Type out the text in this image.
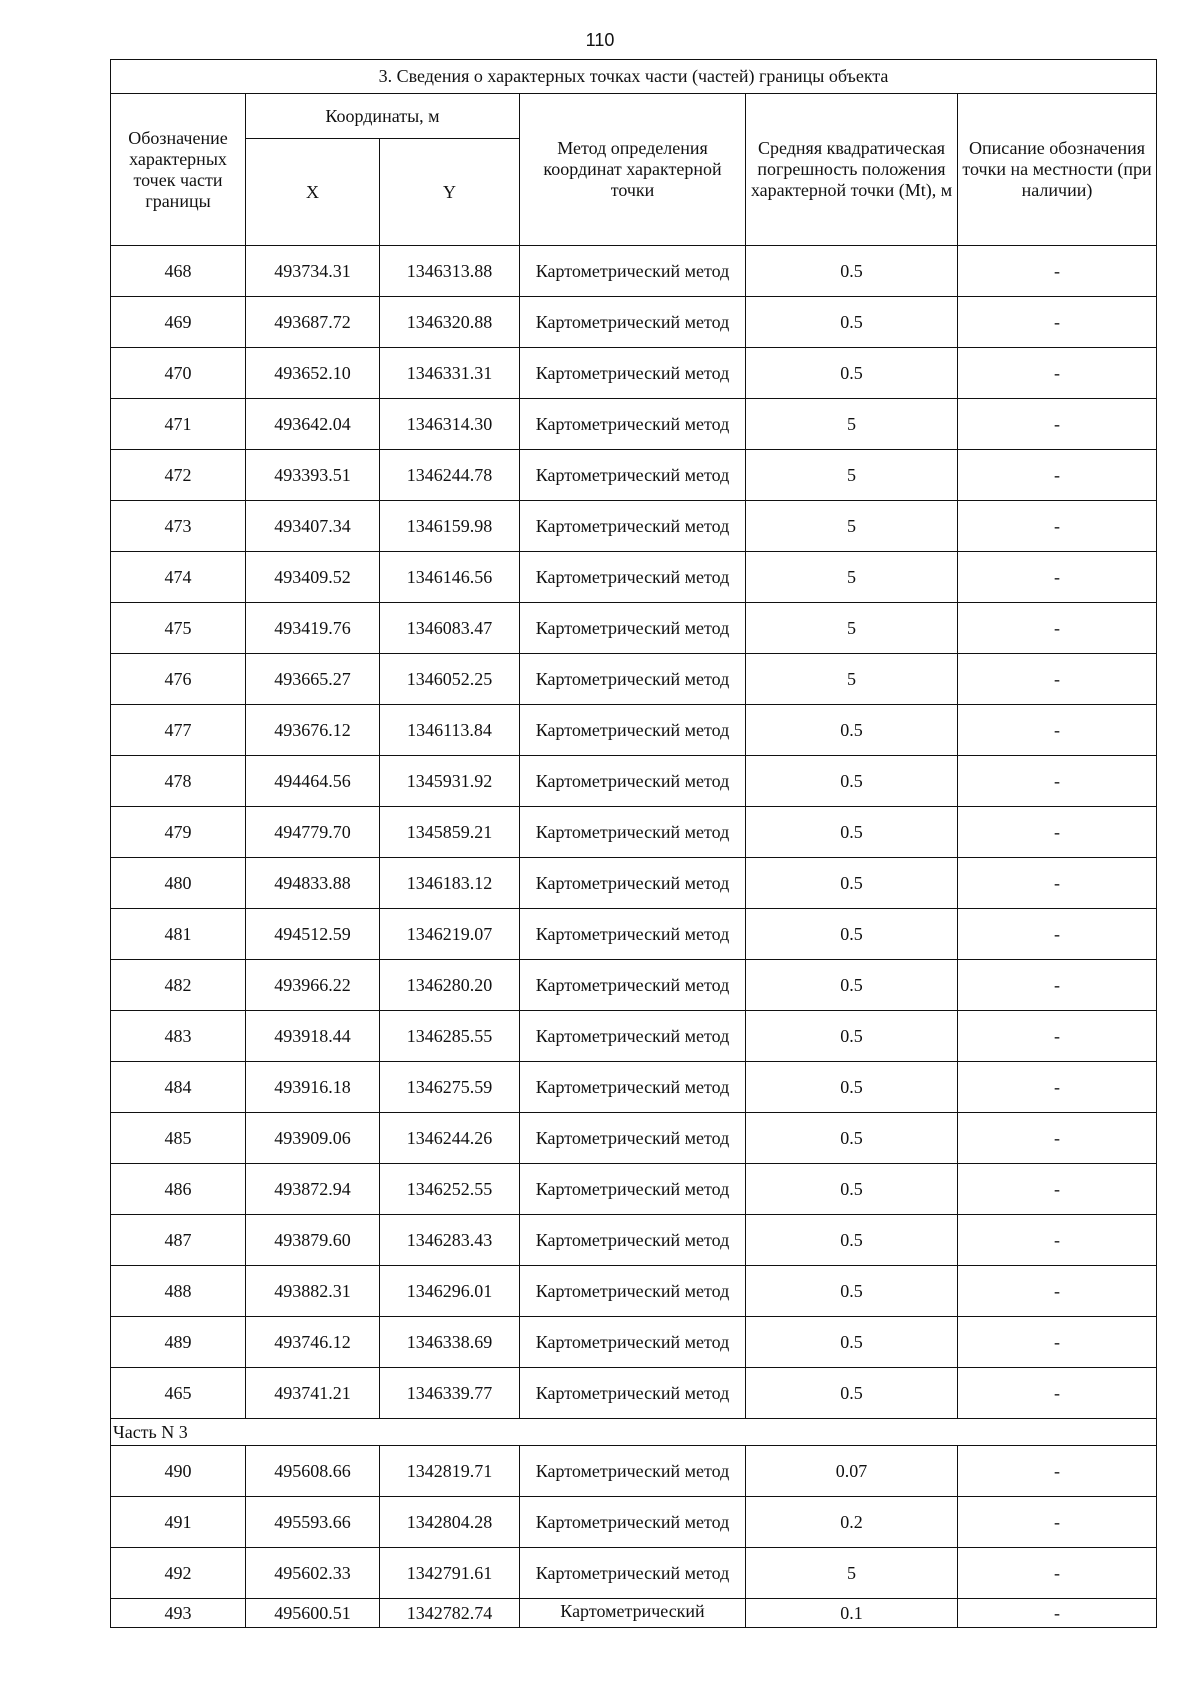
110
3. Сведения о характерных точках части (частей) границы объекта					
Обозначение характерных точек части границы	Координаты, м		Метод определения координат характерной точки	Средняя квадратическая погрешность положения характерной точки (Mt), м	Описание обозначения точки на местности (при наличии)
	X	Y			
468	493734.31	1346313.88	Картометрический метод	0.5	-
469	493687.72	1346320.88	Картометрический метод	0.5	-
470	493652.10	1346331.31	Картометрический метод	0.5	-
471	493642.04	1346314.30	Картометрический метод	5	-
472	493393.51	1346244.78	Картометрический метод	5	-
473	493407.34	1346159.98	Картометрический метод	5	-
474	493409.52	1346146.56	Картометрический метод	5	-
475	493419.76	1346083.47	Картометрический метод	5	-
476	493665.27	1346052.25	Картометрический метод	5	-
477	493676.12	1346113.84	Картометрический метод	0.5	-
478	494464.56	1345931.92	Картометрический метод	0.5	-
479	494779.70	1345859.21	Картометрический метод	0.5	-
480	494833.88	1346183.12	Картометрический метод	0.5	-
481	494512.59	1346219.07	Картометрический метод	0.5	-
482	493966.22	1346280.20	Картометрический метод	0.5	-
483	493918.44	1346285.55	Картометрический метод	0.5	-
484	493916.18	1346275.59	Картометрический метод	0.5	-
485	493909.06	1346244.26	Картометрический метод	0.5	-
486	493872.94	1346252.55	Картометрический метод	0.5	-
487	493879.60	1346283.43	Картометрический метод	0.5	-
488	493882.31	1346296.01	Картометрический метод	0.5	-
489	493746.12	1346338.69	Картометрический метод	0.5	-
465	493741.21	1346339.77	Картометрический метод	0.5	-
Часть N 3					
490	495608.66	1342819.71	Картометрический метод	0.07	-
491	495593.66	1342804.28	Картометрический метод	0.2	-
492	495602.33	1342791.61	Картометрический метод	5	-
493	495600.51	1342782.74	Картометрический	0.1	-
